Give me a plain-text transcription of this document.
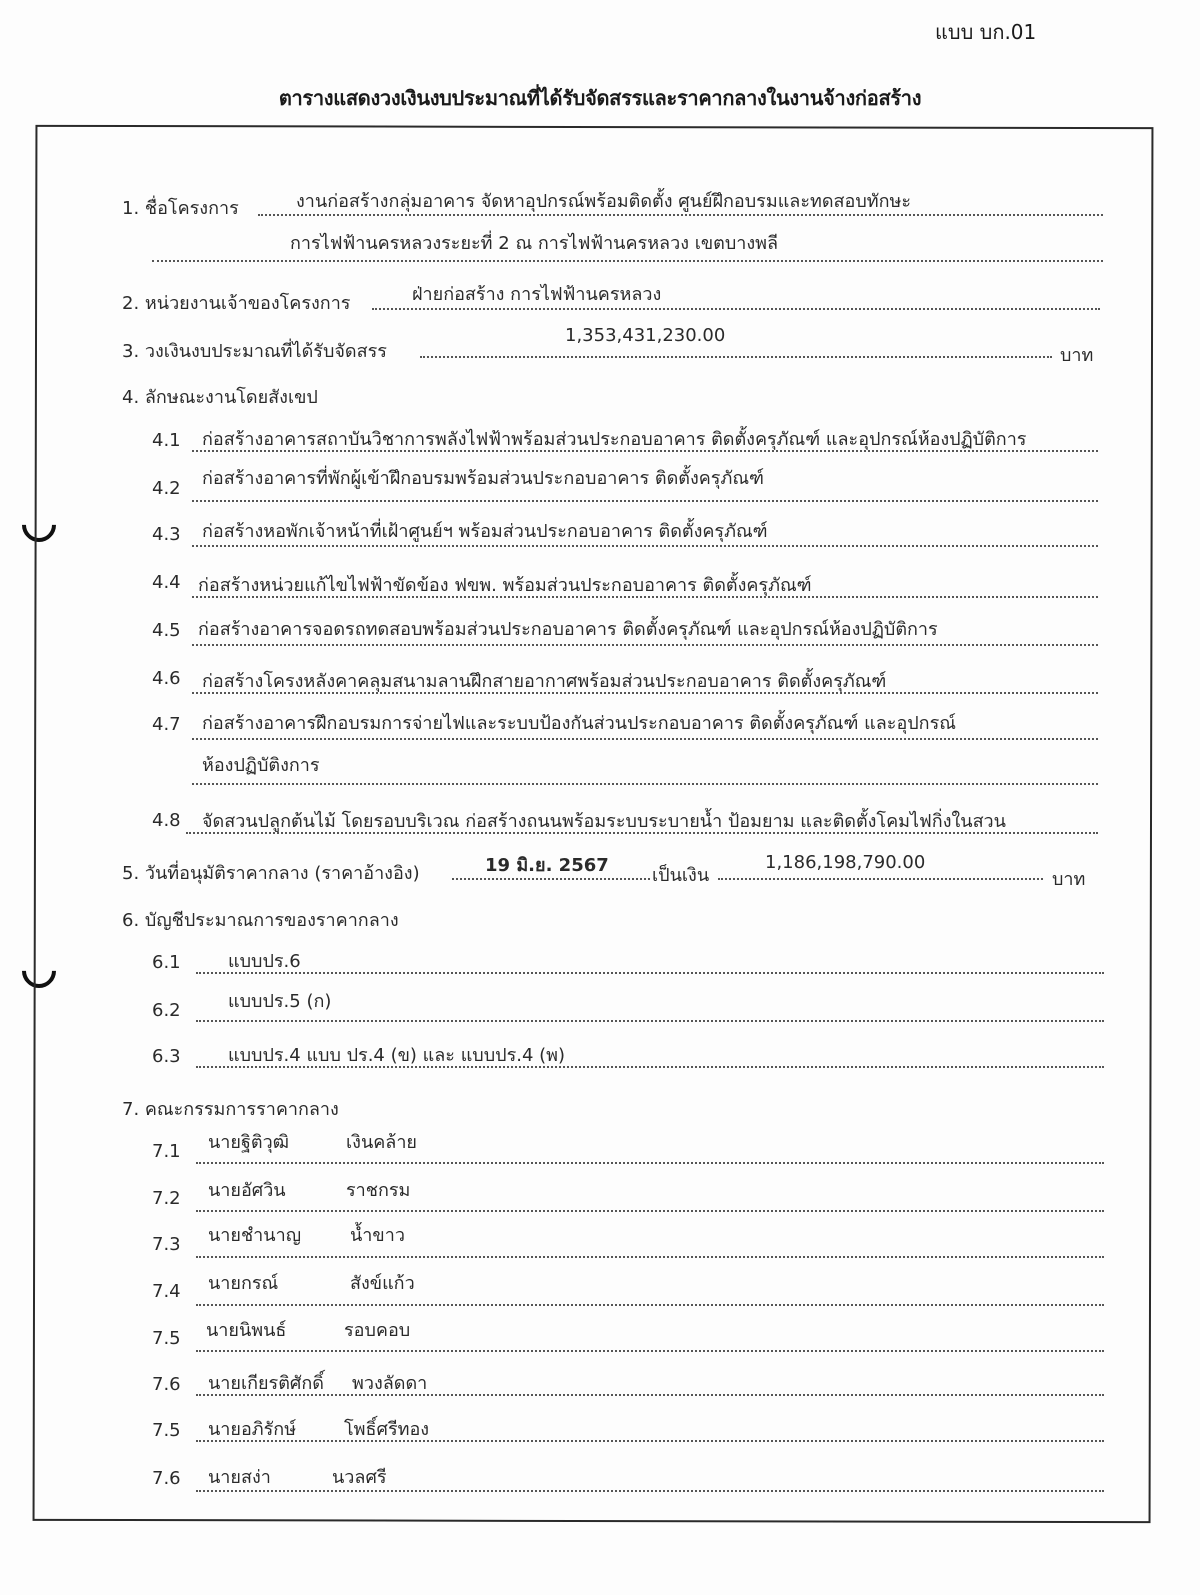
แบบ บก.01
ตารางแสดงวงเงินงบประมาณที่ได้รับจัดสรรและราคากลางในงานจ้างก่อสร้าง
1. ชื่อโครงการ	งานก่อสร้างกลุ่มอาคาร จัดหาอุปกรณ์พร้อมติดตั้ง ศูนย์ฝึกอบรมและทดสอบทักษะ
การไฟฟ้านครหลวงระยะที่ 2 ณ การไฟฟ้านครหลวง เขตบางพลี
2. หน่วยงานเจ้าของโครงการ	ฝ่ายก่อสร้าง การไฟฟ้านครหลวง
3. วงเงินงบประมาณที่ได้รับจัดสรร
1,353,431,230.00
บาท
4. ลักษณะงานโดยสังเขป
4.1 ก่อสร้างอาคารสถาบันวิชาการพลังไฟฟ้าพร้อมส่วนประกอบอาคาร ติดตั้งครุภัณฑ์ และอุปกรณ์ห้องปฏิบัติการ
4.2 ก่อสร้างอาคารที่พักผู้เข้าฝึกอบรมพร้อมส่วนประกอบอาคาร ติดตั้งครุภัณฑ์
4.3 ก่อสร้างหอพักเจ้าหน้าที่เฝ้าศูนย์ฯ พร้อมส่วนประกอบอาคาร ติดตั้งครุภัณฑ์
4.4 ก่อสร้างหน่วยแก้ไขไฟฟ้าขัดข้อง ฟขพ. พร้อมส่วนประกอบอาคาร ติดตั้งครุภัณฑ์
4.5 ก่อสร้างอาคารจอดรถทดสอบพร้อมส่วนประกอบอาคาร ติดตั้งครุภัณฑ์ และอุปกรณ์ห้องปฏิบัติการ
4.6 ก่อสร้างโครงหลังคาคลุมสนามลานฝึกสายอากาศพร้อมส่วนประกอบอาคาร ติดตั้งครุภัณฑ์
4.7 ก่อสร้างอาคารฝึกอบรมการจ่ายไฟและระบบป้องกันส่วนประกอบอาคาร ติดตั้งครุภัณฑ์ และอุปกรณ์
ห้องปฏิบัติงการ
4.8 จัดสวนปลูกต้นไม้ โดยรอบบริเวณ ก่อสร้างถนนพร้อมระบบระบายน้ำ ป้อมยาม และติดตั้งโคมไฟกิ่งในสวน
5. วันที่อนุมัติราคากลาง (ราคาอ้างอิง)	19 มิ.ย. 2567 เป็นเงิน
1,186,198,790.00
บาท
6. บัญชีประมาณการของราคากลาง
6.1	แบบปร.6
6.2	แบบปร.5 (ก)
6.3	แบบปร.4 แบบ ปร.4 (ข) และ แบบปร.4 (พ)
7. คณะกรรมการราคากลาง
7.1 นายฐิติวุฒิ	เงินคล้าย
7.2 นายอัศวิน	ราชกรม
7.3 นายชำนาญ	น้ำขาว
7.4 นายกรณ์	สังข์แก้ว
7.5 นายนิพนธ์	รอบคอบ
7.6 นายเกียรติศักดิ์ พวงลัดดา
7.5 นายอภิรักษ์	โพธิ์ศรีทอง
7.6 นายสง่า	นวลศรี
